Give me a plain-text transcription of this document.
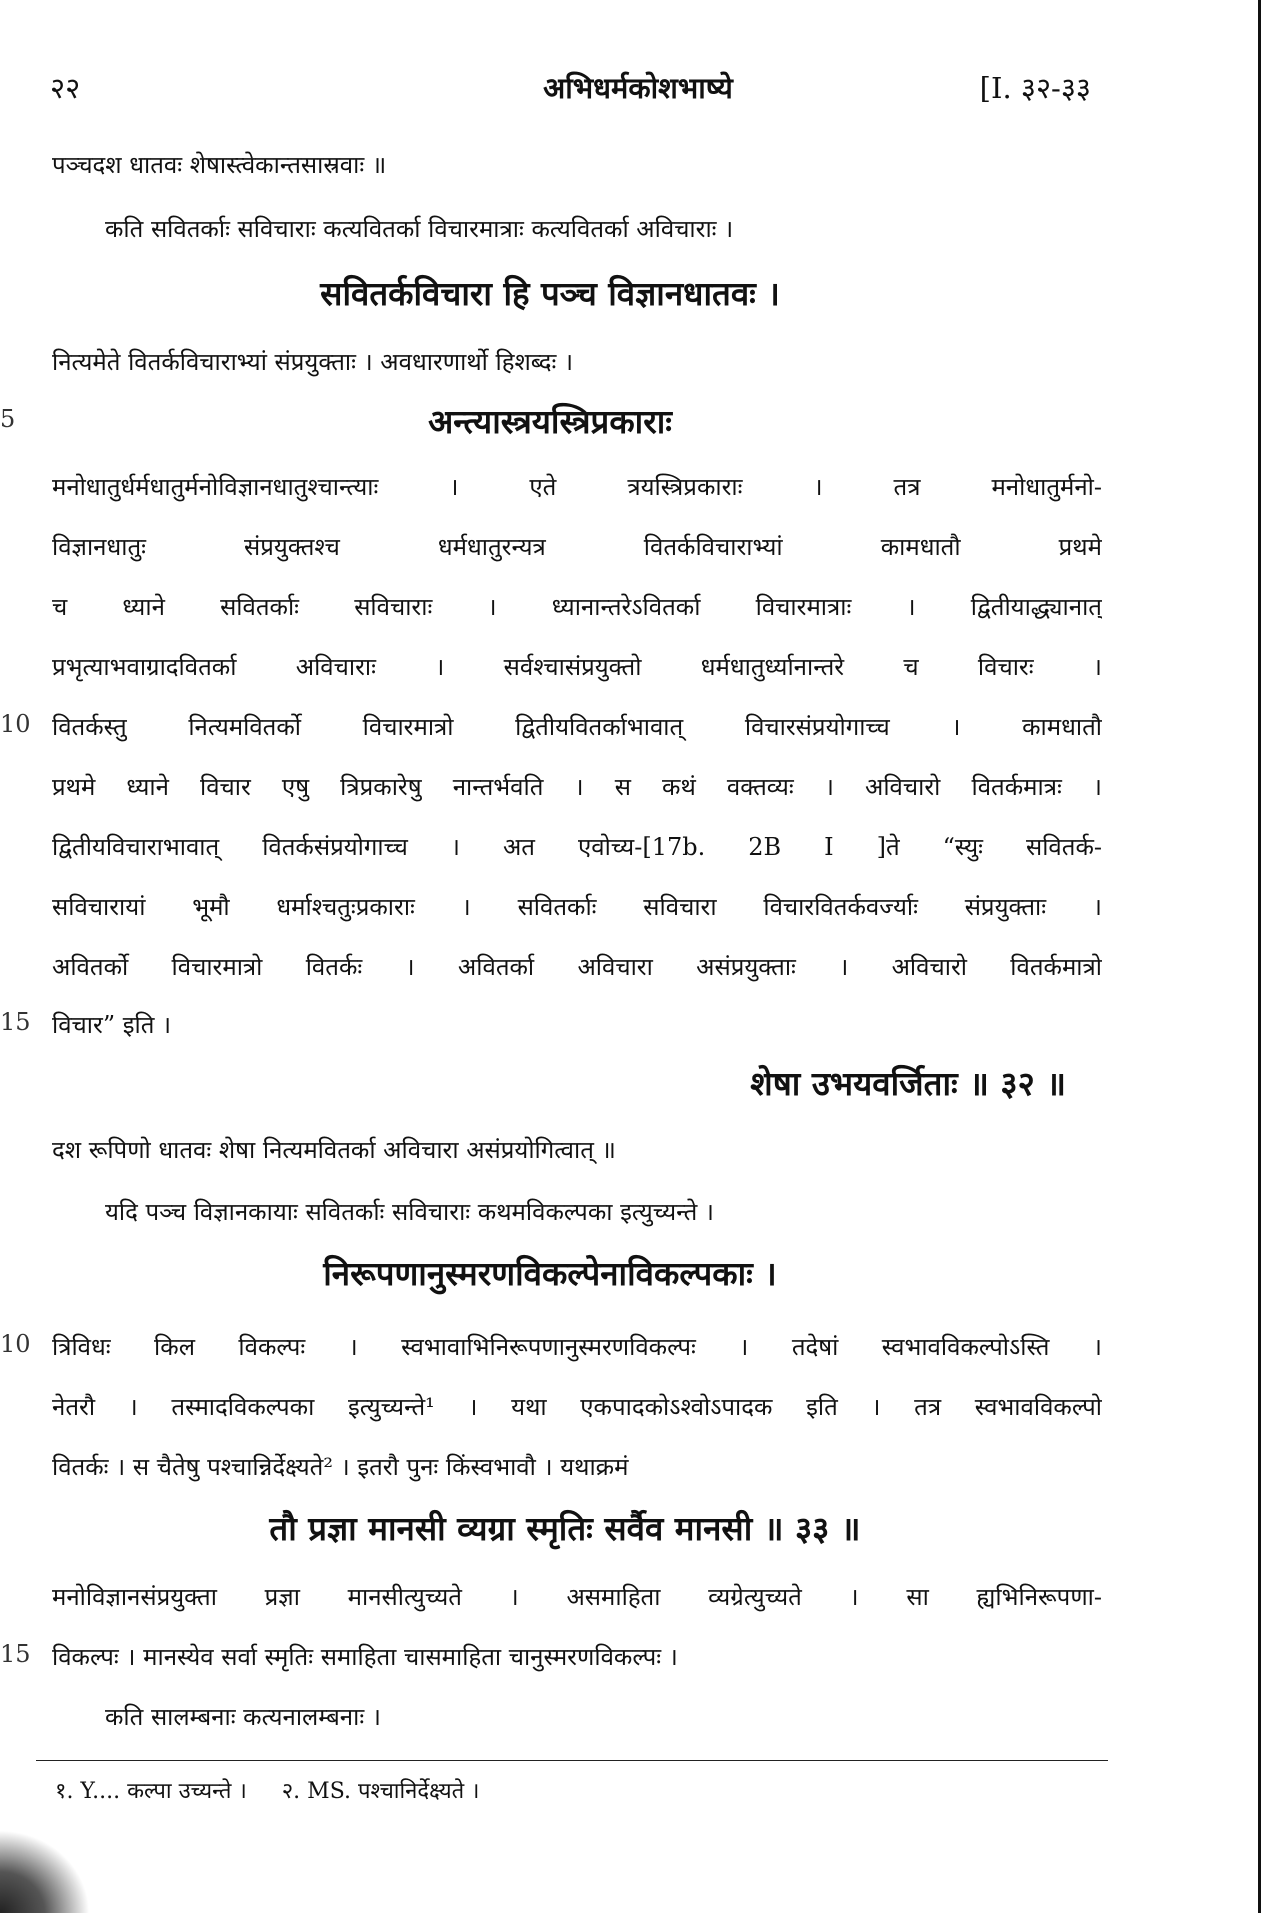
२२	अभिधर्मकोशभाष्ये	[I. ३२-३३
पञ्चदश धातवः शेषास्त्वेकान्तसास्रवाः ॥
कति सवितर्काः सविचाराः कत्यवितर्का विचारमात्राः कत्यवितर्का अविचाराः ।
सवितर्कविचारा हि पञ्च विज्ञानधातवः ।
नित्यमेते वितर्कविचाराभ्यां संप्रयुक्ताः । अवधारणार्थो हिशब्दः ।
5	अन्त्यास्त्रयस्त्रिप्रकाराः
मनोधातुर्धर्मधातुर्मनोविज्ञानधातुश्चान्त्याः । एते त्रयस्त्रिप्रकाराः । तत्र मनोधातुर्मनो-
विज्ञानधातुः संप्रयुक्तश्च धर्मधातुरन्यत्र वितर्कविचाराभ्यां कामधातौ प्रथमे
च ध्याने सवितर्काः सविचाराः । ध्यानान्तरेऽवितर्का विचारमात्राः । द्वितीयाद्ध्यानात्
प्रभृत्याभवाग्रादवितर्का अविचाराः । सर्वश्चासंप्रयुक्तो धर्मधातुर्ध्यानान्तरे च विचारः ।
10 वितर्कस्तु नित्यमवितर्को विचारमात्रो द्वितीयवितर्काभावात् विचारसंप्रयोगाच्च । कामधातौ
प्रथमे ध्याने विचार एषु त्रिप्रकारेषु नान्तर्भवति । स कथं वक्तव्यः । अविचारो वितर्कमात्रः ।
द्वितीयविचाराभावात् वितर्कसंप्रयोगाच्च । अत एवोच्य-[17b. 2B I ]ते “स्युः सवितर्क-
सविचारायां भूमौ धर्माश्चतुःप्रकाराः । सवितर्काः सविचारा विचारवितर्कवर्ज्याः संप्रयुक्ताः ।
अवितर्को विचारमात्रो वितर्कः । अवितर्का अविचारा असंप्रयुक्ताः । अविचारो वितर्कमात्रो
15 विचार” इति ।
शेषा उभयवर्जिताः ॥ ३२ ॥
दश रूपिणो धातवः शेषा नित्यमवितर्का अविचारा असंप्रयोगित्वात् ॥
यदि पञ्च विज्ञानकायाः सवितर्काः सविचाराः कथमविकल्पका इत्युच्यन्ते ।
निरूपणानुस्मरणविकल्पेनाविकल्पकाः ।
10 त्रिविधः किल विकल्पः । स्वभावाभिनिरूपणानुस्मरणविकल्पः । तदेषां स्वभावविकल्पोऽस्ति ।
नेतरौ । तस्मादविकल्पका इत्युच्यन्ते¹ । यथा एकपादकोऽश्वोऽपादक इति । तत्र स्वभावविकल्पो
वितर्कः । स चैतेषु पश्चान्निर्देक्ष्यते² । इतरौ पुनः किंस्वभावौ । यथाक्रमं
तौ प्रज्ञा मानसी व्यग्रा स्मृतिः सर्वैव मानसी ॥ ३३ ॥
मनोविज्ञानसंप्रयुक्ता प्रज्ञा मानसीत्युच्यते । असमाहिता व्यग्रेत्युच्यते । सा ह्यभिनिरूपणा-
15 विकल्पः । मानस्येव सर्वा स्मृतिः समाहिता चासमाहिता चानुस्मरणविकल्पः ।
कति सालम्बनाः कत्यनालम्बनाः ।
१. Y.... कल्पा उच्यन्ते ।     २. MS. पश्चानिर्देक्ष्यते ।
